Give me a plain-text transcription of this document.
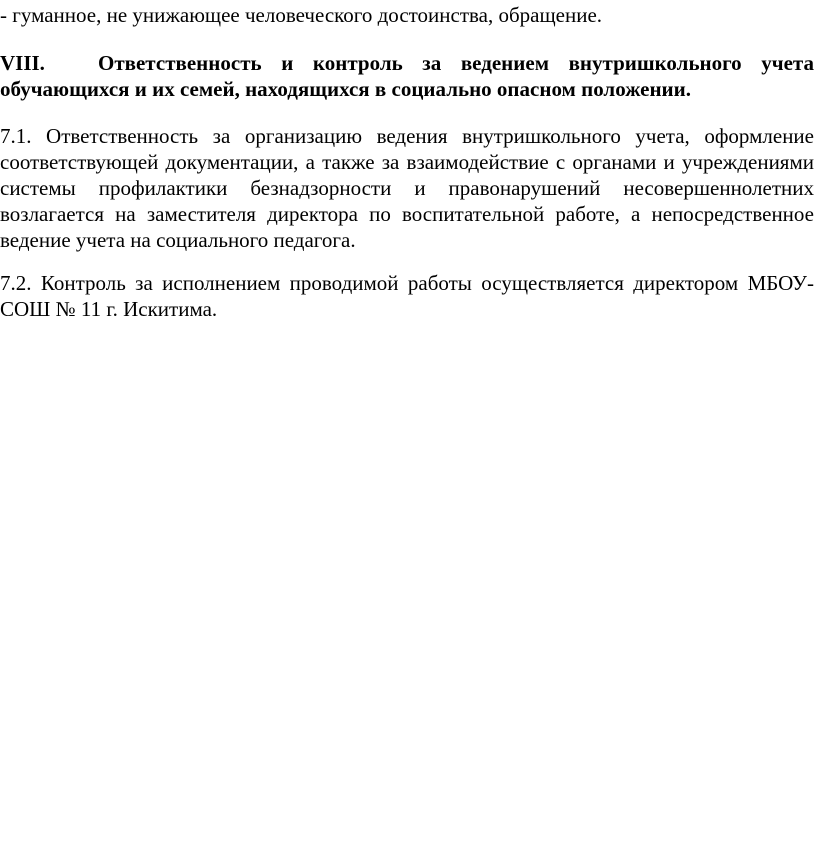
- гуманное, не унижающее человеческого достоинства, обращение.
VIII.	Ответственность и контроль за ведением внутришкольного учета
обучающихся и их семей, находящихся в социально опасном положении.
7.1. Ответственность за организацию ведения внутришкольного учета, оформление
соответствующей документации, а также за взаимодействие с органами и учреждениями
системы профилактики безнадзорности и правонарушений несовершеннолетних
возлагается на заместителя директора по воспитательной работе, а непосредственное
ведение учета на социального педагога.
7.2. Контроль за исполнением проводимой работы осуществляется директором МБОУ-
СОШ № 11 г. Искитима.
